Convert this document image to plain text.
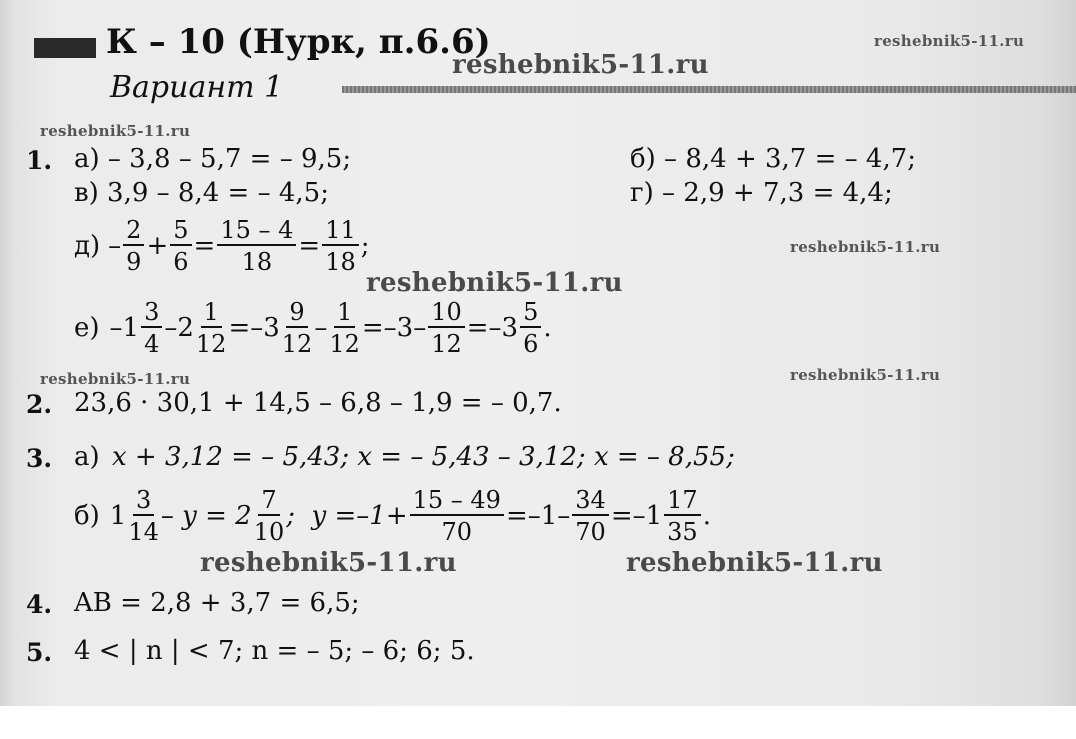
К – 10 (Нурк, п.6.6)
Вариант 1
reshebnik5-11.ru
reshebnik5-11.ru
reshebnik5-11.ru
reshebnik5-11.ru
reshebnik5-11.ru
reshebnik5-11.ru	reshebnik5-11.ru
reshebnik5-11.ru	reshebnik5-11.ru
1. а) – 3,8 – 5,7 = – 9,5;	б) – 8,4 + 3,7 = – 4,7;
в) 3,9 – 8,4 = – 4,5;	г) – 2,9 + 7,3 = 4,4;
$д) - \frac{2}{9} + \frac{5}{6} = \frac{15 - 4}{18} = \frac{11}{18}$ ;
е) $-1 \frac{3}{4} -2 \frac{1}{12} =-3 \frac{9}{12} - \frac{1}{12} =-3- \frac{10}{12} =-3 \frac{5}{6}$ .
2. 23,6 · 30,1 + 14,5 – 6,8 – 1,9 = – 0,7.
3. а) x + 3,12 = – 5,43; x = – 5,43 – 3,12; x = – 8,55;
б) $1 \frac{3}{14} - y = 2 \frac{7}{10}$ ;  $y =-1+ \frac{15 - 49}{70} =-1- \frac{34}{70} =-1 \frac{17}{35}$ .
4. AB = 2,8 + 3,7 = 6,5;
5. 4 < | n | < 7; n = – 5; – 6; 6; 5.
